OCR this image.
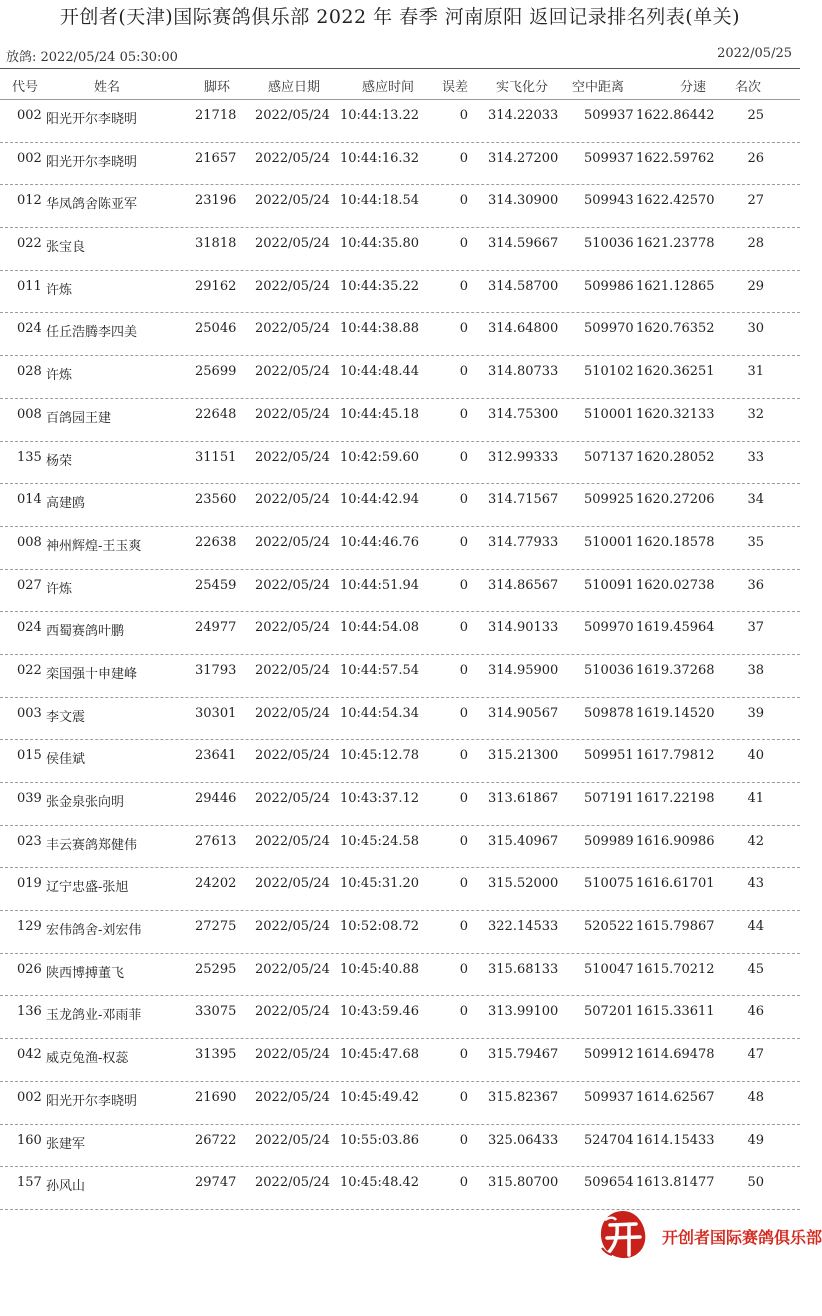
开创者(天津)国际赛鸽俱乐部 2022 年 春季 河南原阳 返回记录排名列表(单关)
放鸽: 2022/05/24 05:30:00	2022/05/25
代号	姓名	脚环	感应日期	感应时间 误差 实飞化分 空中距离	分速 名次
002 阳光开尔李晓明	21718 2022/05/24 10:44:13.22	0 314.22033 509937 1622.86442	25
002 阳光开尔李晓明	21657 2022/05/24 10:44:16.32	0 314.27200 509937 1622.59762	26
012 华凤鸽舍陈亚军	23196 2022/05/24 10:44:18.54	0 314.30900 509943 1622.42570	27
022 张宝良	31818 2022/05/24 10:44:35.80	0 314.59667 510036 1621.23778	28
011 许炼	29162 2022/05/24 10:44:35.22	0 314.58700 509986 1621.12865	29
024 任丘浩腾李四美	25046 2022/05/24 10:44:38.88	0 314.64800 509970 1620.76352	30
028 许炼	25699 2022/05/24 10:44:48.44	0 314.80733 510102 1620.36251	31
008 百鸽园王建	22648 2022/05/24 10:44:45.18	0 314.75300 510001 1620.32133	32
135 杨荣	31151 2022/05/24 10:42:59.60	0 312.99333 507137 1620.28052	33
014 高建鸥	23560 2022/05/24 10:44:42.94	0 314.71567 509925 1620.27206	34
008 神州辉煌-王玉爽	22638 2022/05/24 10:44:46.76	0 314.77933 510001 1620.18578	35
027 许炼	25459 2022/05/24 10:44:51.94	0 314.86567 510091 1620.02738	36
024 西蜀赛鸽叶鹏	24977 2022/05/24 10:44:54.08	0 314.90133 509970 1619.45964	37
022 栾国强十申建峰	31793 2022/05/24 10:44:57.54	0 314.95900 510036 1619.37268	38
003 李文震	30301 2022/05/24 10:44:54.34	0 314.90567 509878 1619.14520	39
015 侯佳斌	23641 2022/05/24 10:45:12.78	0 315.21300 509951 1617.79812	40
039 张金泉张向明	29446 2022/05/24 10:43:37.12	0 313.61867 507191 1617.22198	41
023 丰云赛鸽郑健伟	27613 2022/05/24 10:45:24.58	0 315.40967 509989 1616.90986	42
019 辽宁忠盛-张旭	24202 2022/05/24 10:45:31.20	0 315.52000 510075 1616.61701	43
129 宏伟鸽舍-刘宏伟	27275 2022/05/24 10:52:08.72	0 322.14533 520522 1615.79867	44
026 陕西博搏董飞	25295 2022/05/24 10:45:40.88	0 315.68133 510047 1615.70212	45
136 玉龙鸽业-邓雨菲	33075 2022/05/24 10:43:59.46	0 313.99100 507201 1615.33611	46
042 威克兔渔-权蕊	31395 2022/05/24 10:45:47.68	0 315.79467 509912 1614.69478	47
002 阳光开尔李晓明	21690 2022/05/24 10:45:49.42	0 315.82367 509937 1614.62567	48
160 张建军	26722 2022/05/24 10:55:03.86	0 325.06433 524704 1614.15433	49
157 孙风山	29747 2022/05/24 10:45:48.42	0 315.80700 509654 1613.81477	50
开创者国际赛鸽俱乐部
